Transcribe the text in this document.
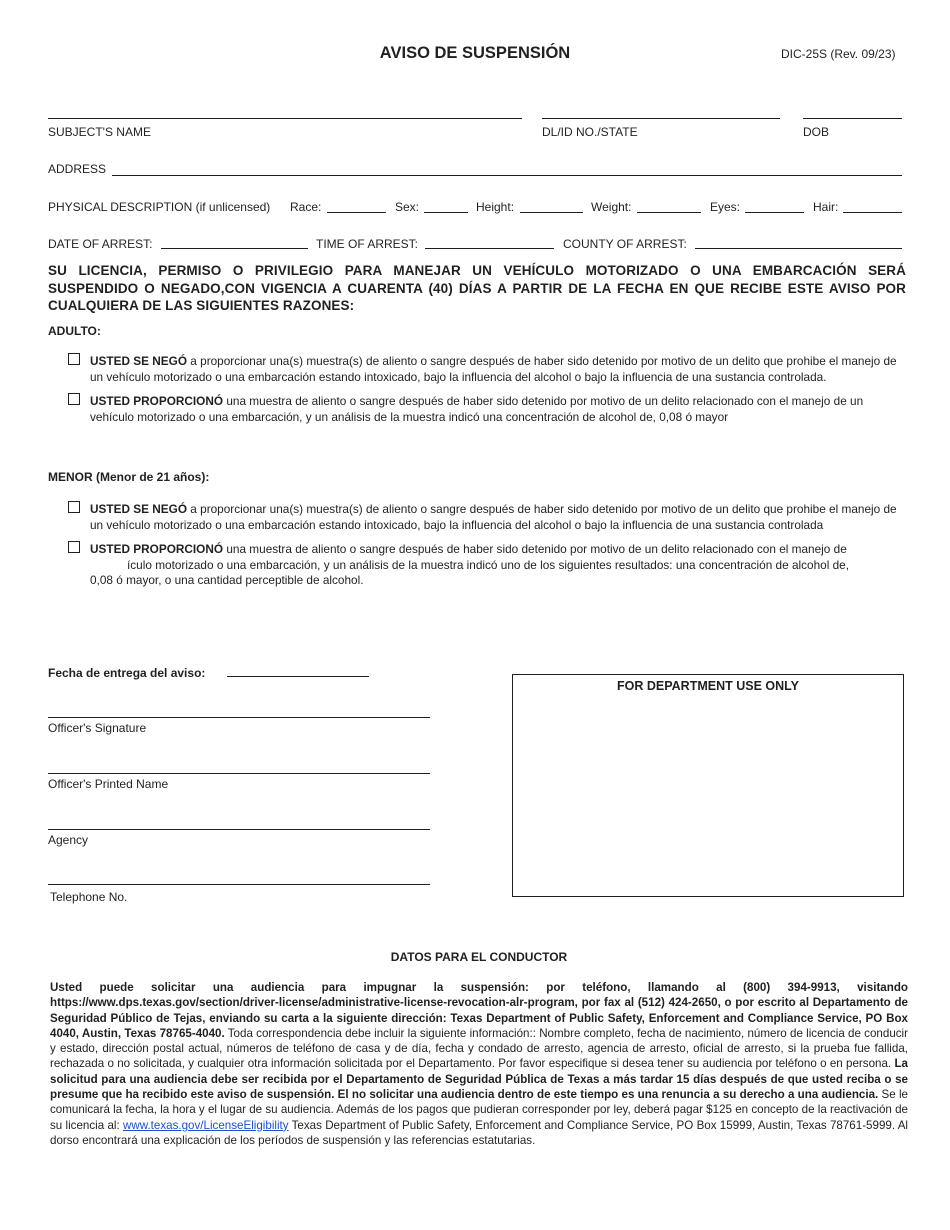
AVISO DE SUSPENSIÓN	DIC-25S (Rev. 09/23)
SUBJECT'S NAME	DL/ID NO./STATE	DOB
ADDRESS
PHYSICAL DESCRIPTION (if unlicensed) Race:	Sex:	Height:	Weight:	Eyes:	Hair:
DATE OF ARREST:	TIME OF ARREST:	COUNTY OF ARREST:
SU LICENCIA, PERMISO O PRIVILEGIO PARA MANEJAR UN VEHÍCULO MOTORIZADO O UNA EMBARCACIÓN SERÁ
SUSPENDIDO O NEGADO,CON VIGENCIA A CUARENTA (40) DÍAS A PARTIR DE LA FECHA EN QUE RECIBE ESTE AVISO POR
CUALQUIERA DE LAS SIGUIENTES RAZONES:
ADULTO:
USTED SE NEGÓ a proporcionar una(s) muestra(s) de aliento o sangre después de haber sido detenido por motivo de un delito que prohibe el manejo de un vehículo motorizado o una embarcación estando intoxicado, bajo la influencia del alcohol o bajo la influencia de una sustancia controlada.
USTED PROPORCIONÓ una muestra de aliento o sangre después de haber sido detenido por motivo de un delito relacionado con el manejo de un vehículo motorizado o una embarcación, y un análisis de la muestra indicó una concentración de alcohol de, 0,08 ó mayor
MENOR (Menor de 21 años):
USTED SE NEGÓ a proporcionar una(s) muestra(s) de aliento o sangre después de haber sido detenido por motivo de un delito que prohibe el manejo de un vehículo motorizado o una embarcación estando intoxicado, bajo la influencia del alcohol o bajo la influencia de una sustancia controlada
USTED PROPORCIONÓ una muestra de aliento o sangre después de haber sido detenido por motivo de un delito relacionado con el manejo de
ículo motorizado o una embarcación, y un análisis de la muestra indicó uno de los siguientes resultados: una concentración de alcohol de,
0,08 ó mayor, o una cantidad perceptible de alcohol.
Fecha de entrega del aviso:
Officer's Signature
Officer's Printed Name
Agency
Telephone No.
FOR DEPARTMENT USE ONLY
DATOS PARA EL CONDUCTOR
Usted puede solicitar una audiencia para impugnar la suspensión: por teléfono, llamando al (800) 394-9913, visitando https://www.dps.texas.gov/section/driver-license/administrative-license-revocation-alr-program, por fax al (512) 424-2650, o por escrito al Departamento de Seguridad Público de Tejas, enviando su carta a la siguiente dirección: Texas Department of Public Safety, Enforcement and Compliance Service, PO Box 4040, Austin, Texas 78765-4040. Toda correspondencia debe incluir la siguiente información:: Nombre completo, fecha de nacimiento, número de licencia de conducir y estado, dirección postal actual, números de teléfono de casa y de día, fecha y condado de arresto, agencia de arresto, oficial de arresto, si la prueba fue fallida, rechazada o no solicitada, y cualquier otra información solicitada por el Departamento. Por favor especifique si desea tener su audiencia por teléfono o en persona. La solicitud para una audiencia debe ser recibida por el Departamento de Seguridad Pública de Texas a más tardar 15 días después de que usted reciba o se presume que ha recibido este aviso de suspensión. El no solicitar una audiencia dentro de este tiempo es una renuncia a su derecho a una audiencia. Se le comunicará la fecha, la hora y el lugar de su audiencia. Además de los pagos que pudieran corresponder por ley, deberá pagar $125 en concepto de la reactivación de su licencia al: www.texas.gov/LicenseEligibility Texas Department of Public Safety, Enforcement and Compliance Service, PO Box 15999, Austin, Texas 78761-5999. Al dorso encontrará una explicación de los períodos de suspensión y las referencias estatutarias.
